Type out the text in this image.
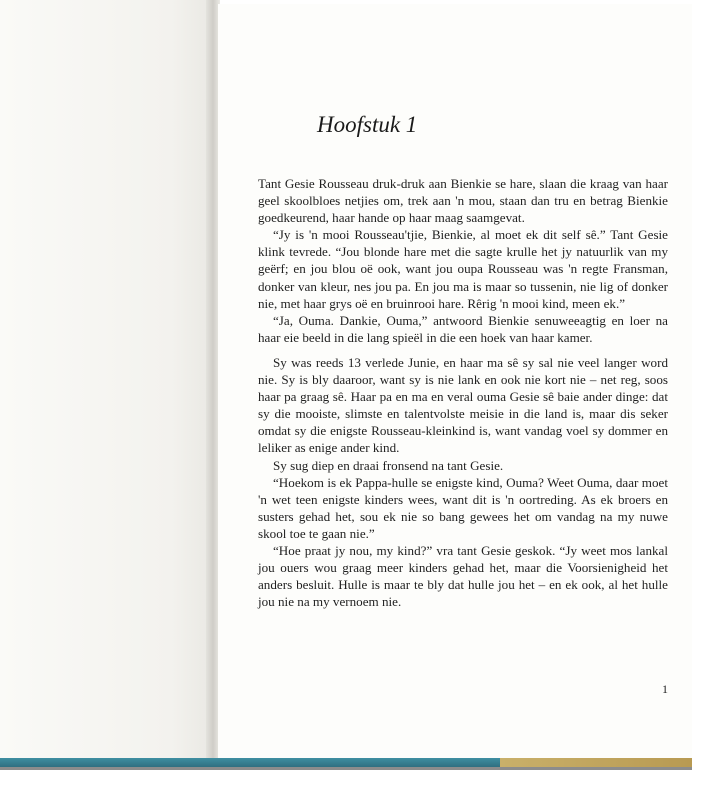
Hoofstuk 1

Tant Gesie Rousseau druk-druk aan Bienkie se hare, slaan die kraag van haar geel skoolbloes netjies om, trek aan 'n mou, staan dan tru en betrag Bienkie goedkeurend, haar hande op haar maag saamgevat.

“Jy is 'n mooi Rousseau'tjie, Bienkie, al moet ek dit self sê.” Tant Gesie klink tevrede. “Jou blonde hare met die sagte krulle het jy natuurlik van my geërf; en jou blou oë ook, want jou oupa Rousseau was 'n regte Fransman, donker van kleur, nes jou pa. En jou ma is maar so tussenin, nie lig of donker nie, met haar grys oë en bruinrooi hare. Rêrig 'n mooi kind, meen ek.”

“Ja, Ouma. Dankie, Ouma,” antwoord Bienkie senuweeagtig en loer na haar eie beeld in die lang spieël in die een hoek van haar kamer.

Sy was reeds 13 verlede Junie, en haar ma sê sy sal nie veel langer word nie. Sy is bly daaroor, want sy is nie lank en ook nie kort nie – net reg, soos haar pa graag sê. Haar pa en ma en veral ouma Gesie sê baie ander dinge: dat sy die mooiste, slimste en talentvolste meisie in die land is, maar dis seker omdat sy die enigste Rousseau-kleinkind is, want vandag voel sy dommer en leliker as enige ander kind.

Sy sug diep en draai fronsend na tant Gesie.

“Hoekom is ek Pappa-hulle se enigste kind, Ouma? Weet Ouma, daar moet 'n wet teen enigste kinders wees, want dit is 'n oortreding. As ek broers en susters gehad het, sou ek nie so bang gewees het om vandag na my nuwe skool toe te gaan nie.”

“Hoe praat jy nou, my kind?” vra tant Gesie geskok. “Jy weet mos lankal jou ouers wou graag meer kinders gehad het, maar die Voorsienigheid het anders besluit. Hulle is maar te bly dat hulle jou het – en ek ook, al het hulle jou nie na my vernoem nie.

1
